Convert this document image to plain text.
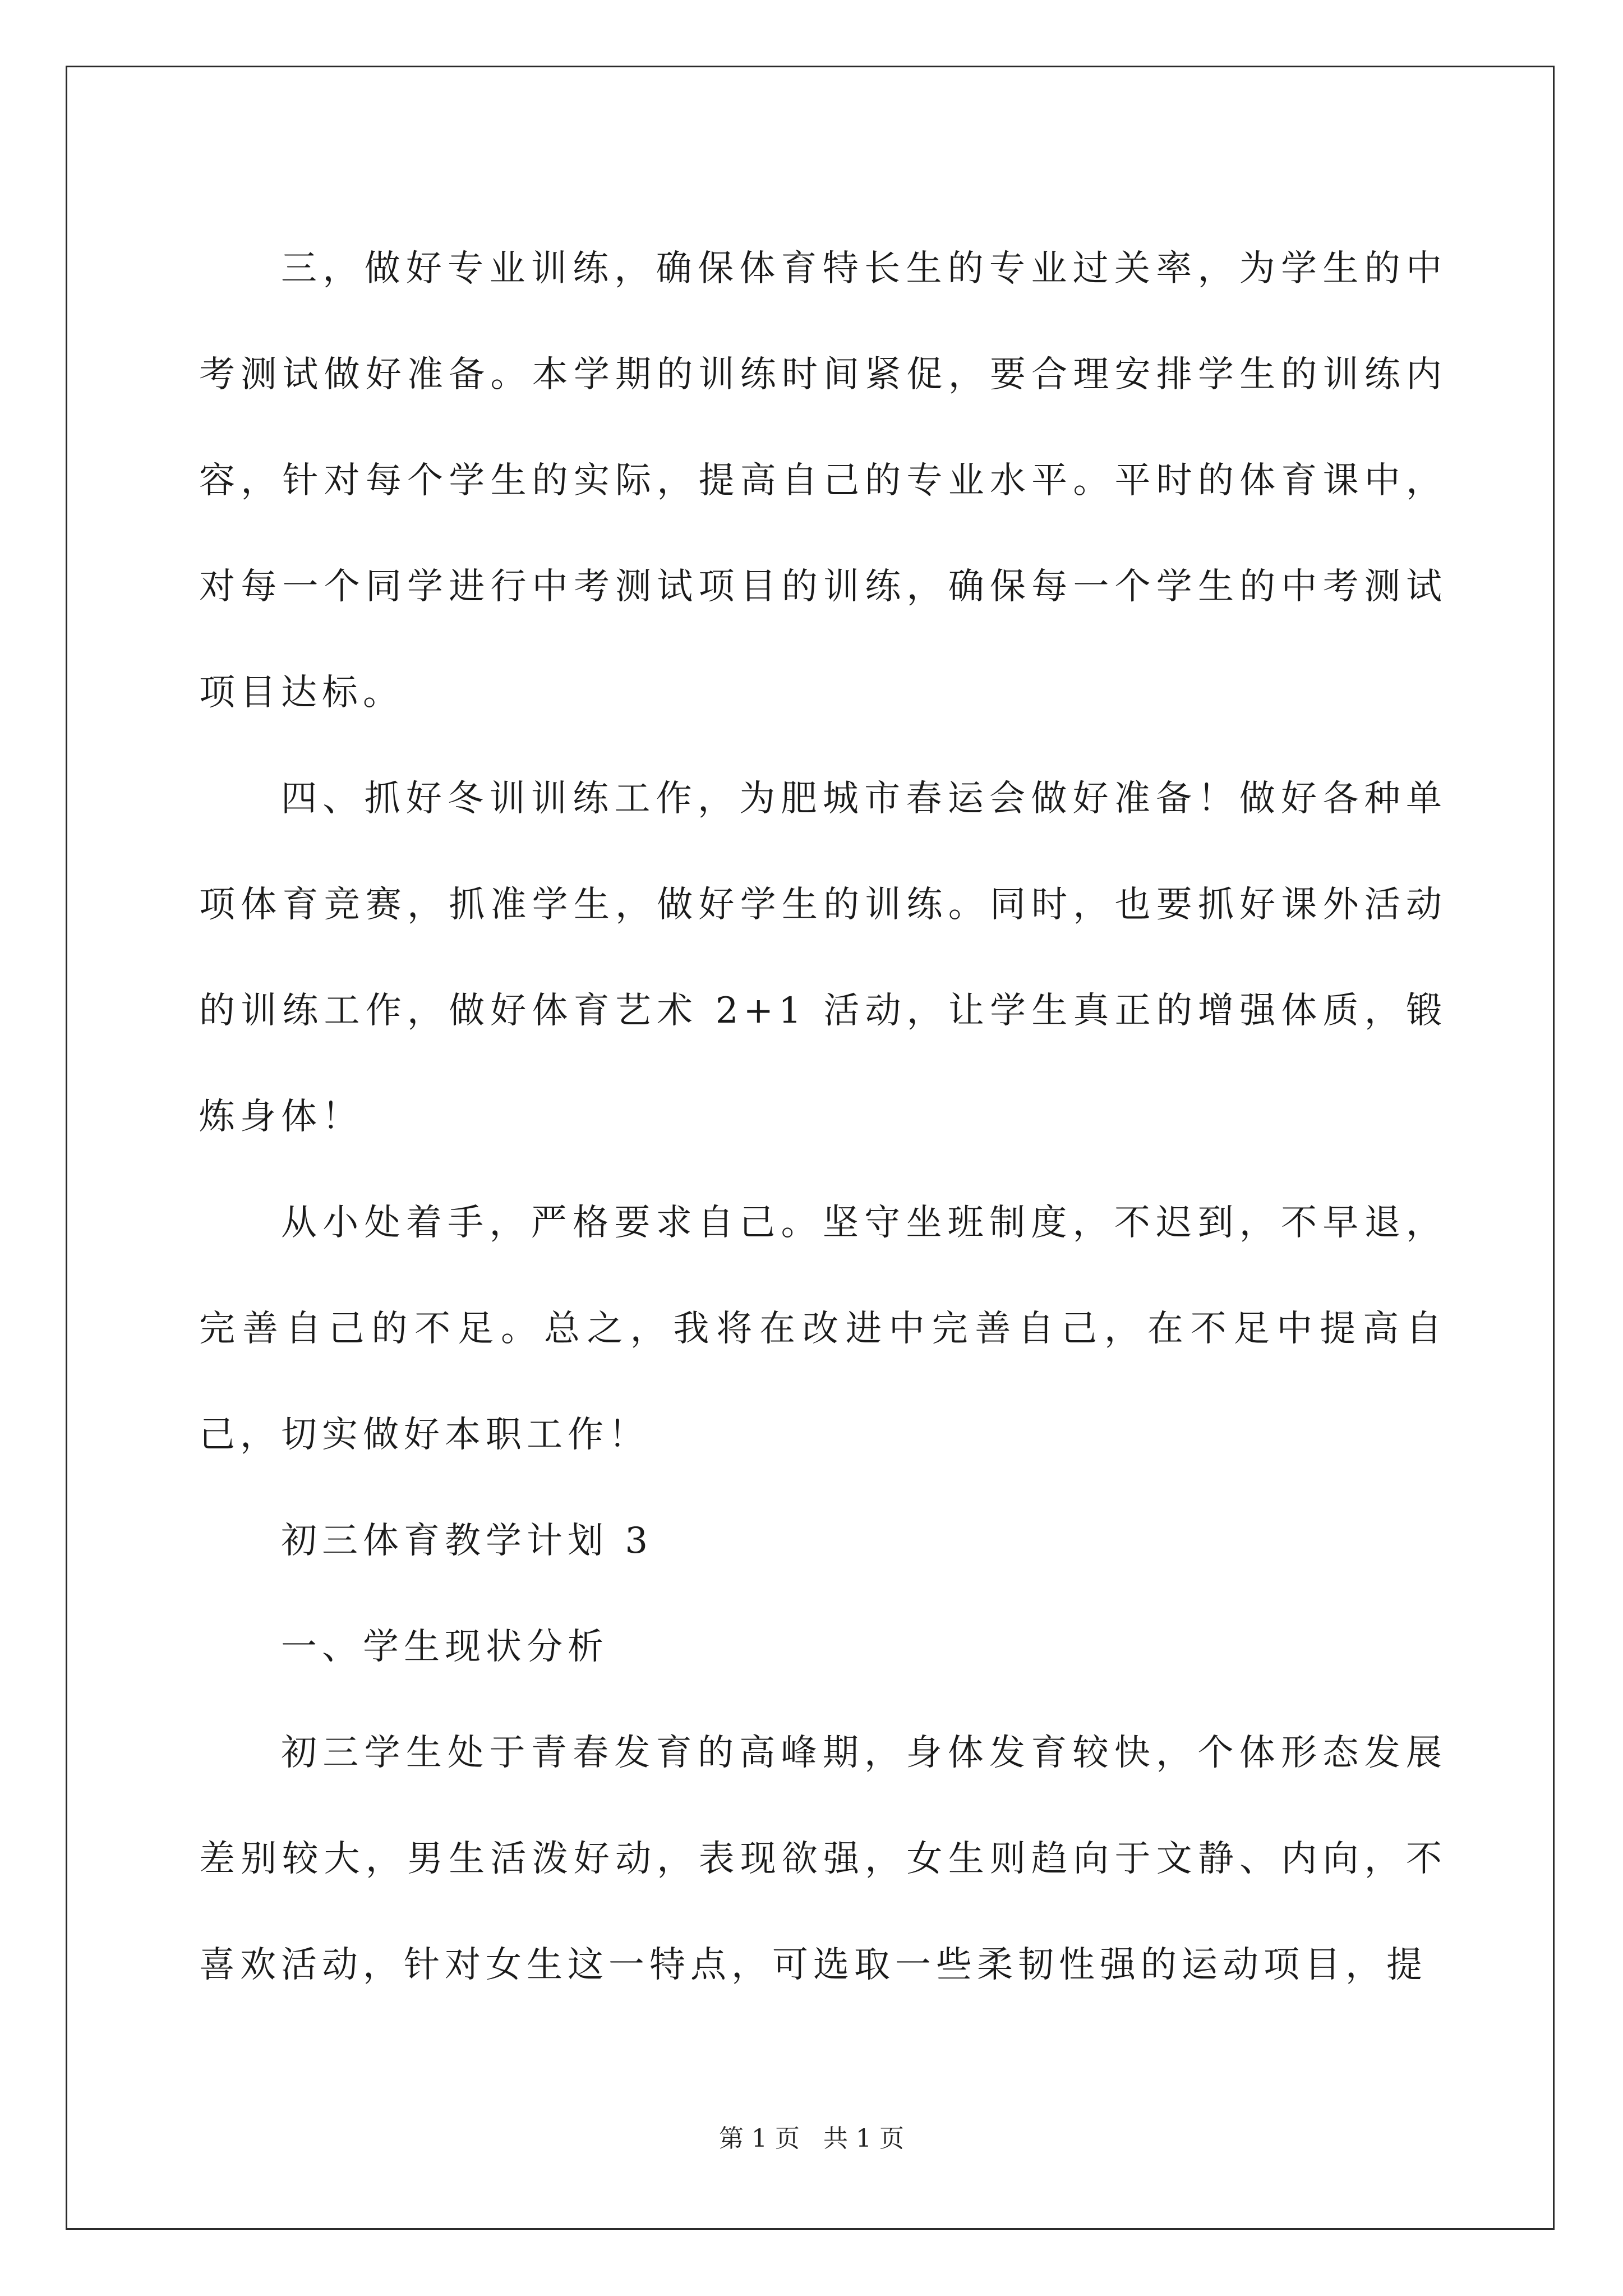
三，做好专业训练，确保体育特长生的专业过关率，为学生的中考测试做好准备。本学期的训练时间紧促，要合理安排学生的训练内容，针对每个学生的实际，提高自己的专业水平。平时的体育课中，对每一个同学进行中考测试项目的训练，确保每一个学生的中考测试项目达标。

四、抓好冬训训练工作，为肥城市春运会做好准备！做好各种单项体育竞赛，抓准学生，做好学生的训练。同时，也要抓好课外活动的训练工作，做好体育艺术 2+1 活动，让学生真正的增强体质，锻炼身体！

从小处着手，严格要求自己。坚守坐班制度，不迟到，不早退，完善自己的不足。总之，我将在改进中完善自己，在不足中提高自己，切实做好本职工作！

初三体育教学计划 3

一、学生现状分析

初三学生处于青春发育的高峰期，身体发育较快，个体形态发展差别较大，男生活泼好动，表现欲强，女生则趋向于文静、内向，不喜欢活动，针对女生这一特点，可选取一些柔韧性强的运动项目，提

第 1 页   共 1 页
